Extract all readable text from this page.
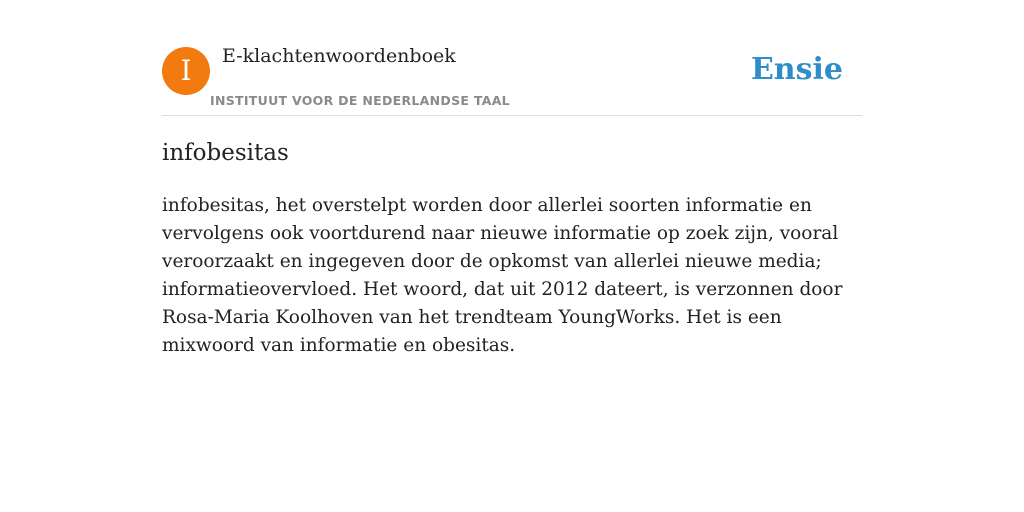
I	E-klachtenwoordenboek
INSTITUUT VOOR DE NEDERLANDSE TAAL
Ensie
infobesitas

infobesitas, het overstelpt worden door allerlei soorten informatie en vervolgens ook voortdurend naar nieuwe informatie op zoek zijn, vooral veroorzaakt en ingegeven door de opkomst van allerlei nieuwe media; informatieovervloed. Het woord, dat uit 2012 dateert, is verzonnen door Rosa-Maria Koolhoven van het trendteam YoungWorks. Het is een mixwoord van informatie en obesitas.
